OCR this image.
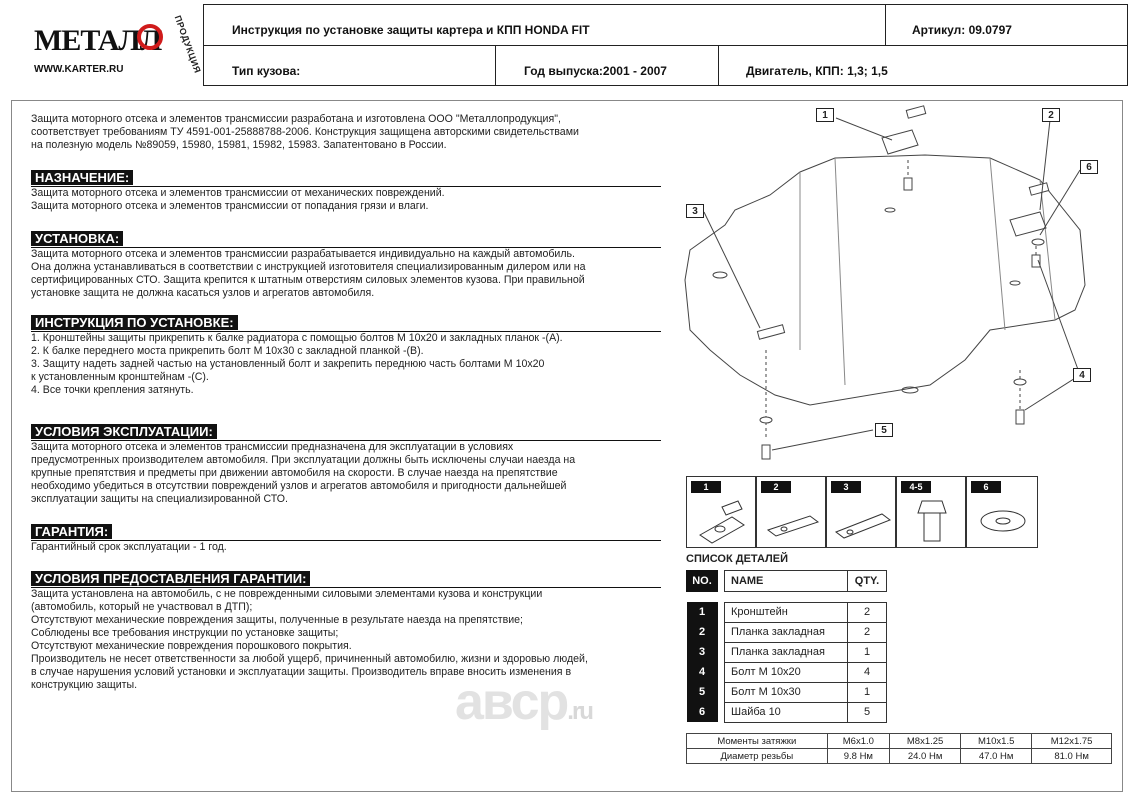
МЕТАЛЛ ПРОДУКЦИЯ
WWW.KARTER.RU
Инструкция по установке защиты картера и КПП HONDA FIT	Артикул: 09.0797
Тип кузова:	Год выпуска:2001 - 2007	Двигатель, КПП: 1,3; 1,5
Защита моторного отсека и элементов трансмиссии разработана и изготовлена ООО "Металлопродукция",
соответствует требованиям ТУ 4591-001-25888788-2006. Конструкция защищена авторскими свидетельствами
на полезную модель №89059, 15980, 15981, 15982, 15983. Запатентовано в России.
НАЗНАЧЕНИЕ:
Защита моторного отсека и элементов трансмиссии от механических повреждений.
Защита моторного отсека и элементов трансмиссии от попадания грязи и влаги.
УСТАНОВКА:
Защита моторного отсека и элементов трансмиссии разрабатывается индивидуально на каждый автомобиль.
Она должна устанавливаться в соответствии с инструкцией изготовителя специализированным дилером или на
сертифицированных СТО. Защита крепится к штатным отверстиям силовых элементов кузова. При правильной
установке защита не должна касаться узлов и агрегатов автомобиля.
ИНСТРУКЦИЯ ПО УСТАНОВКЕ:
1. Кронштейны защиты прикрепить к балке радиатора с помощью болтов М 10х20 и закладных планок -(A).
2. К балке переднего моста прикрепить болт М 10х30 с закладной планкой -(B).
3. Защиту надеть задней частью на установленный болт и закрепить переднюю часть болтами М 10х20
к установленным кронштейнам -(C).
4. Все точки крепления затянуть.
УСЛОВИЯ ЭКСПЛУАТАЦИИ:
Защита моторного отсека и элементов трансмиссии предназначена для эксплуатации в условиях
предусмотренных производителем автомобиля. При эксплуатации должны быть исключены случаи наезда на
крупные препятствия и предметы при движении автомобиля на скорости. В случае наезда на препятствие
необходимо убедиться в отсутствии повреждений узлов и агрегатов автомобиля и пригодности дальнейшей
эксплуатации защиты на специализированной СТО.
ГАРАНТИЯ:
Гарантийный срок эксплуатации - 1 год.
УСЛОВИЯ ПРЕДОСТАВЛЕНИЯ ГАРАНТИИ:
Защита установлена на автомобиль, с не поврежденными силовыми элементами кузова и конструкции
(автомобиль, который не участвовал в ДТП);
Отсутствуют механические повреждения защиты, полученные в результате наезда на препятствие;
Соблюдены все требования инструкции по установке защиты;
Отсутствуют механические повреждения порошкового покрытия.
Производитель не несет ответственности за любой ущерб, причиненный автомобилю, жизни и здоровью людей,
в случае нарушения условий установки и эксплуатации защиты. Производитель вправе вносить изменения в
конструкцию защиты.	авсp.ru
1	2
3
4
5
6
1	2	3	4-5	6
СПИСОК ДЕТАЛЕЙ
NO.		NAME	QTY.

1		Кронштейн	2
2		Планка закладная	2
3		Планка закладная	1
4		Болт М 10х20	4
5		Болт М 10х30	1
6		Шайба 10	5
Моменты затяжки	M6x1.0	M8x1.25	M10x1.5	M12x1.75
Диаметр резьбы	9.8 Нм	24.0 Нм	47.0 Нм	81.0 Нм
